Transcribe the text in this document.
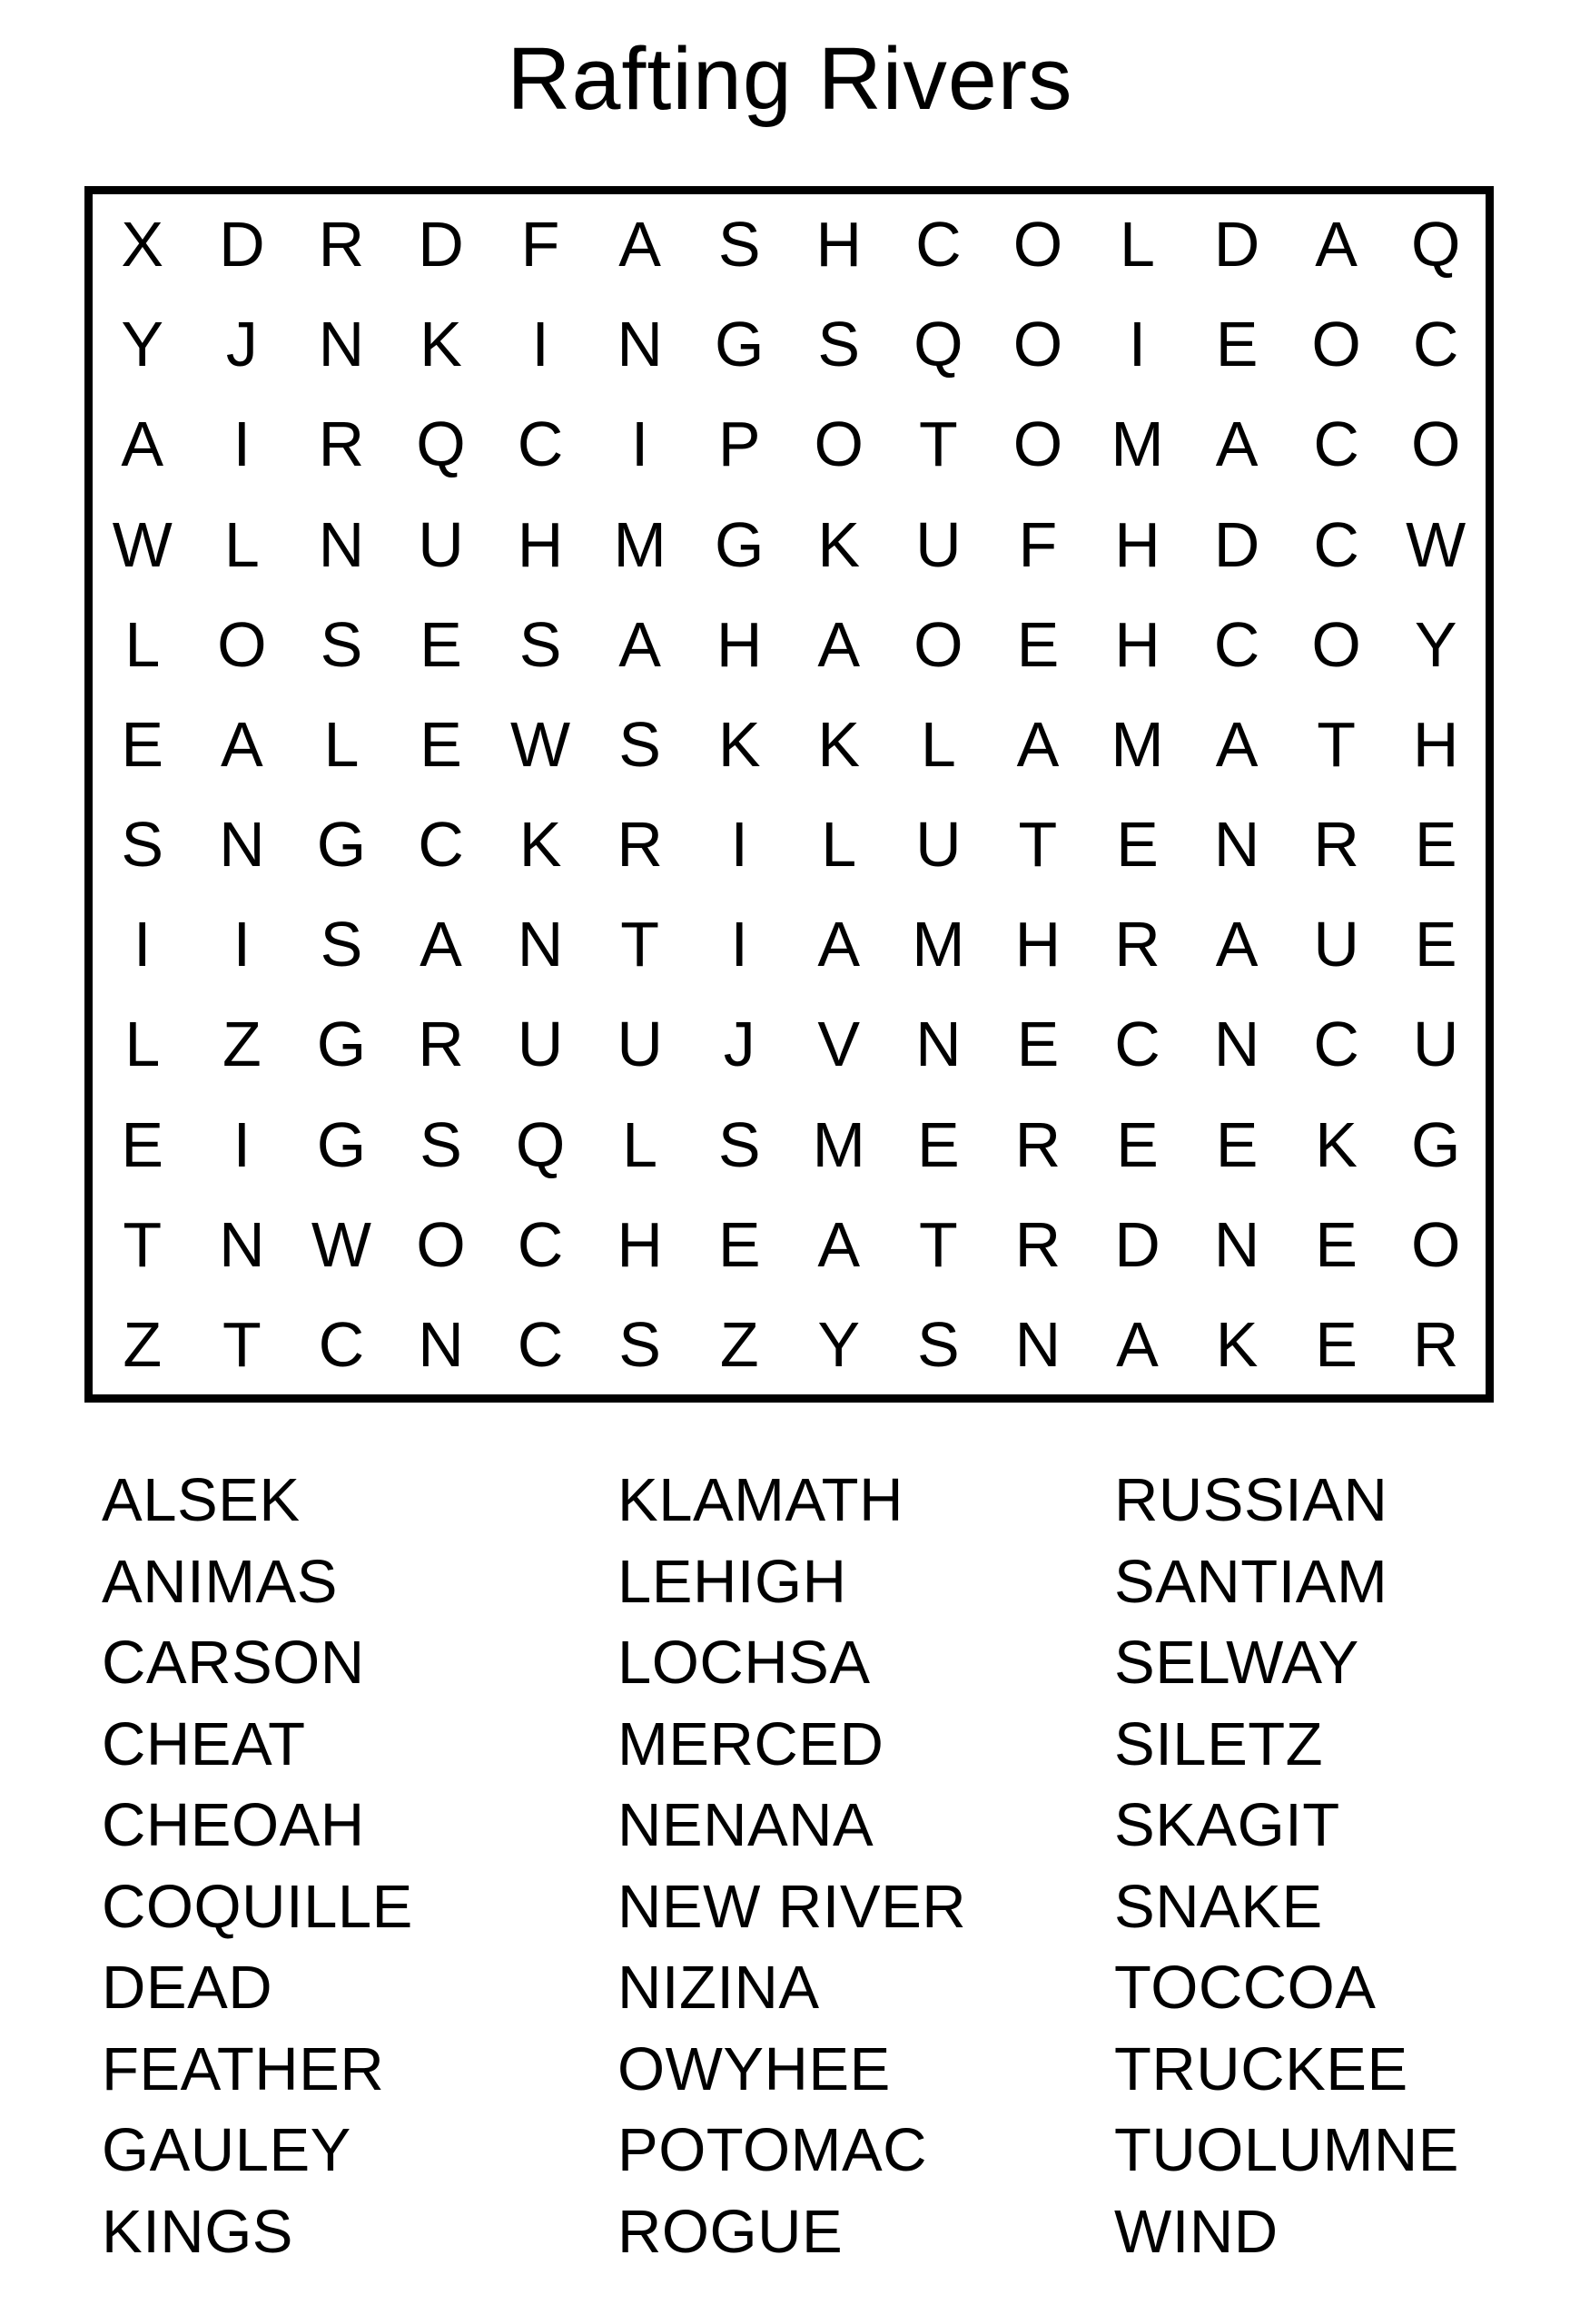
Rafting Rivers
X D R D F A S H C O L D A Q
Y J N K	I	N G S Q O	I	E O C
A	I	R Q C	I	P O T O M A C O
W L N U H M G K U F H D C W
L O S E S A H A O E H C O Y
E A L E W S K K L A M A T H
S N G C K R	I	L U T E N R E
I	I	S A N T	I	A M H R A U E
L Z G R U U J V N E C N C U
E	I	G S Q L S M E R E E K G
T N W O C H E A T R D N E O
Z T C N C S Z Y S N A K E R
ALSEK
ANIMAS
CARSON
CHEAT
CHEOAH
COQUILLE
DEAD
FEATHER
GAULEY
KINGS
KLAMATH
LEHIGH
LOCHSA
MERCED
NENANA
NEW RIVER
NIZINA
OWYHEE
POTOMAC
ROGUE
RUSSIAN
SANTIAM
SELWAY
SILETZ
SKAGIT
SNAKE
TOCCOA
TRUCKEE
TUOLUMNE
WIND
